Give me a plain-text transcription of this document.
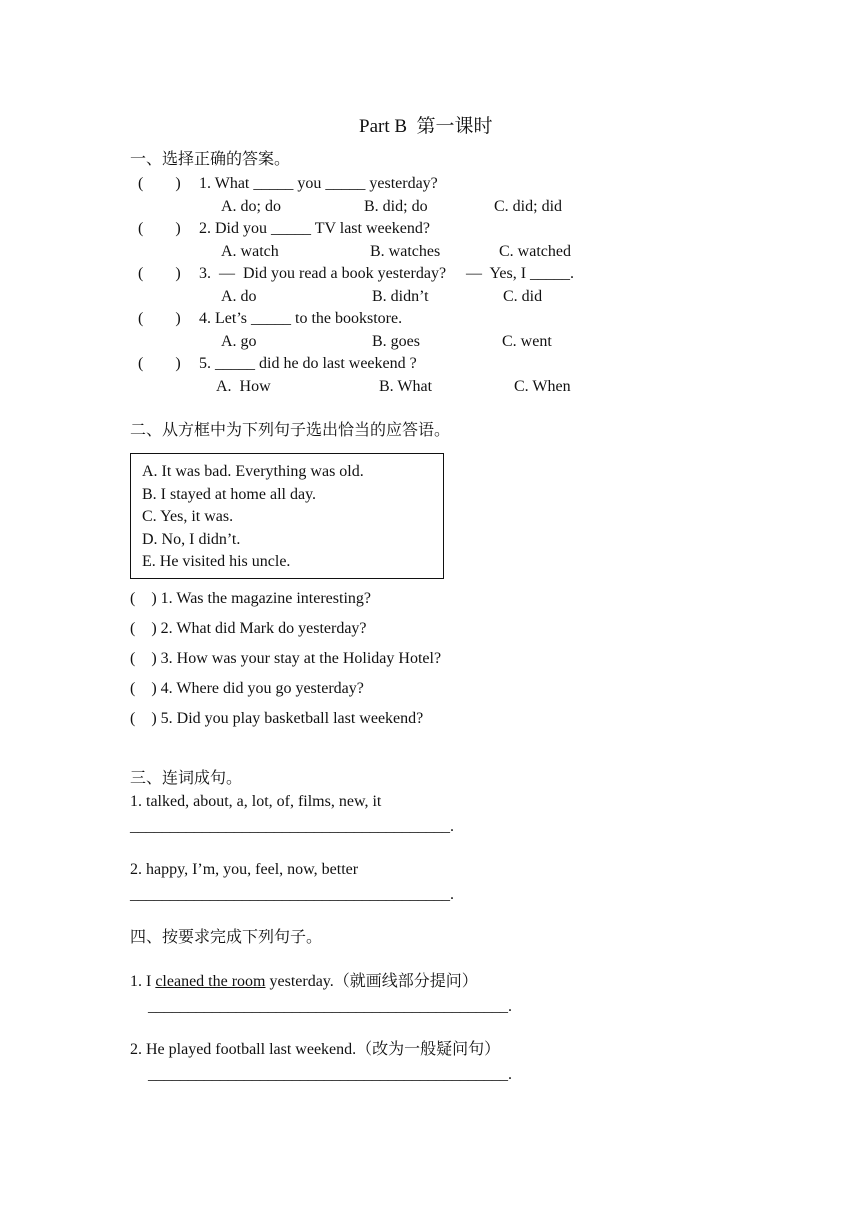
Part B  第一课时
一、选择正确的答案。
(        ) 1. What _____ you _____ yesterday?
A. do; do	B. did; do	C. did; did
(        ) 2. Did you _____ TV last weekend?
A. watch	B. watches	C. watched
(        ) 3.  —  Did you read a book yesterday?     —  Yes, I _____.
A. do	B. didn’t	C. did
(        ) 4. Let’s _____ to the bookstore.
A. go	B. goes	C. went
(        ) 5. _____ did he do last weekend ?
A.  How	B. What	C. When
二、从方框中为下列句子选出恰当的应答语。
A. It was bad. Everything was old.
B. I stayed at home all day.
C. Yes, it was.
D. No, I didn’t.
E. He visited his uncle.
(    ) 1. Was the magazine interesting?
(    ) 2. What did Mark do yesterday?
(    ) 3. How was your stay at the Holiday Hotel?
(    ) 4. Where did you go yesterday?
(    ) 5. Did you play basketball last weekend?
三、连词成句。
1. talked, about, a, lot, of, films, new, it
________________________________________.
2. happy, I’m, you, feel, now, better
________________________________________.
四、按要求完成下列句子。
1. I cleaned the room yesterday.（就画线部分提问）
_____________________________________________.
2. He played football last weekend.（改为一般疑问句）
_____________________________________________.
